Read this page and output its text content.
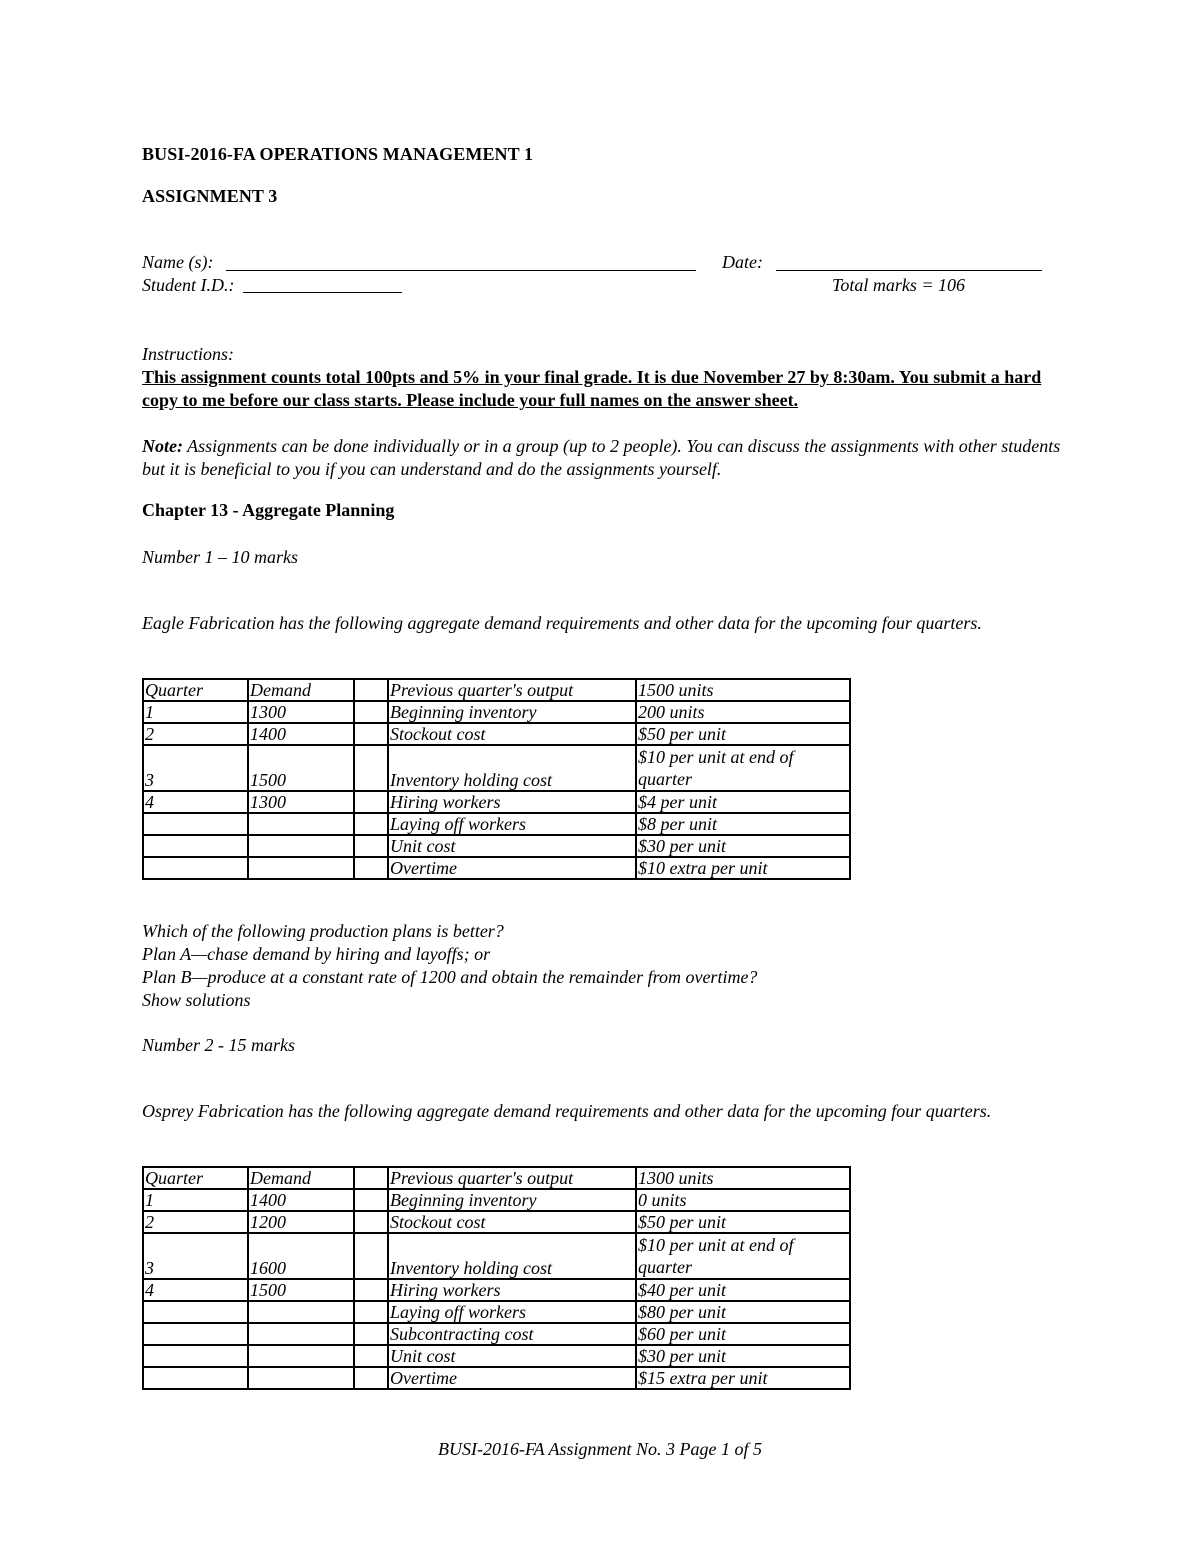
BUSI-2016-FA OPERATIONS MANAGEMENT 1
ASSIGNMENT 3
Name (s):	Date:
Student I.D.:	Total marks = 106
Instructions:
This assignment counts total 100pts and 5% in your final grade. It is due November 27 by 8:30am. You submit a hard copy to me before our class starts. Please include your full names on the answer sheet.
Note: Assignments can be done individually or in a group (up to 2 people). You can discuss the assignments with other students but it is beneficial to you if you can understand and do the assignments yourself.
Chapter 13 - Aggregate Planning
Number 1 – 10 marks
Eagle Fabrication has the following aggregate demand requirements and other data for the upcoming four quarters.
Quarter	Demand		Previous quarter's output	1500 units
1	1300		Beginning inventory	200 units
2	1400		Stockout cost	$50 per unit
3	1500		Inventory holding cost	$10 per unit at end of quarter
4	1300		Hiring workers	$4 per unit
			Laying off workers	$8 per unit
			Unit cost	$30 per unit
			Overtime	$10 extra per unit
Which of the following production plans is better?
Plan A—chase demand by hiring and layoffs; or
Plan B—produce at a constant rate of 1200 and obtain the remainder from overtime?
Show solutions
Number 2 - 15 marks
Osprey Fabrication has the following aggregate demand requirements and other data for the upcoming four quarters.
Quarter	Demand		Previous quarter's output	1300 units
1	1400		Beginning inventory	0 units
2	1200		Stockout cost	$50 per unit
3	1600		Inventory holding cost	$10 per unit at end of quarter
4	1500		Hiring workers	$40 per unit
			Laying off workers	$80 per unit
			Subcontracting cost	$60 per unit
			Unit cost	$30 per unit
			Overtime	$15 extra per unit
BUSI-2016-FA Assignment No. 3 Page 1 of 5
